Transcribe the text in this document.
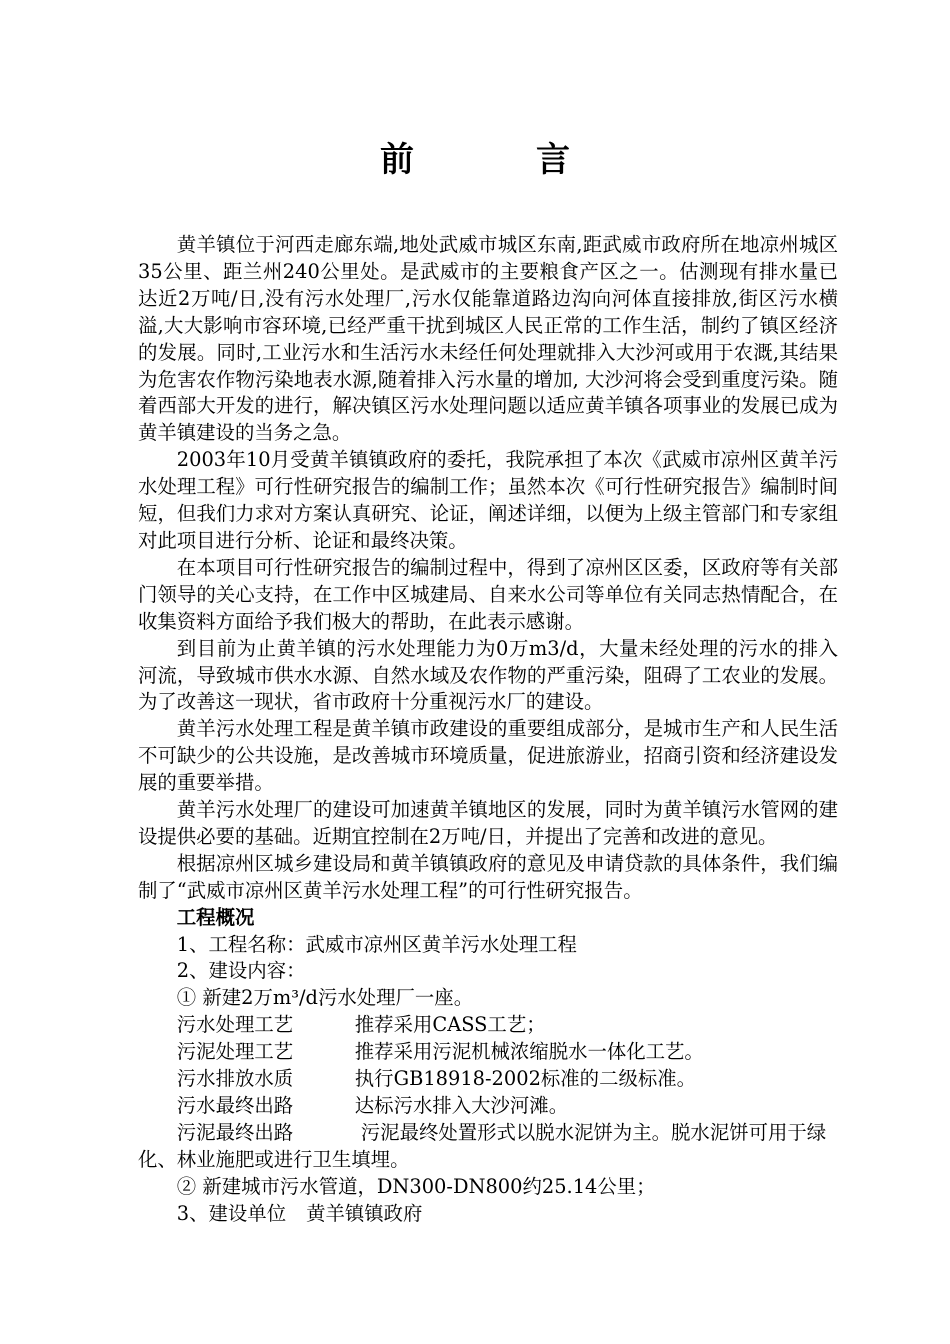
前　言

黄羊镇位于河西走廊东端,地处武威市城区东南,距武威市政府所在地凉州城区35公里、距兰州240公里处。是武威市的主要粮食产区之一。估测现有排水量已达近2万吨/日,没有污水处理厂,污水仅能靠道路边沟向河体直接排放,街区污水横溢,大大影响市容环境,已经严重干扰到城区人民正常的工作生活，制约了镇区经济的发展。同时,工业污水和生活污水未经任何处理就排入大沙河或用于农溉,其结果为危害农作物污染地表水源,随着排入污水量的增加, 大沙河将会受到重度污染。随着西部大开发的进行，解决镇区污水处理问题以适应黄羊镇各项事业的发展已成为黄羊镇建设的当务之急。

2003年10月受黄羊镇镇政府的委托，我院承担了本次《武威市凉州区黄羊污水处理工程》可行性研究报告的编制工作；虽然本次《可行性研究报告》编制时间短，但我们力求对方案认真研究、论证，阐述详细，以便为上级主管部门和专家组对此项目进行分析、论证和最终决策。

在本项目可行性研究报告的编制过程中，得到了凉州区区委，区政府等有关部门领导的关心支持，在工作中区城建局、自来水公司等单位有关同志热情配合，在收集资料方面给予我们极大的帮助，在此表示感谢。

到目前为止黄羊镇的污水处理能力为0万m3/d，大量未经处理的污水的排入河流，导致城市供水水源、自然水域及农作物的严重污染，阻碍了工农业的发展。为了改善这一现状，省市政府十分重视污水厂的建设。

黄羊污水处理工程是黄羊镇市政建设的重要组成部分，是城市生产和人民生活不可缺少的公共设施，是改善城市环境质量，促进旅游业，招商引资和经济建设发展的重要举措。

黄羊污水处理厂的建设可加速黄羊镇地区的发展，同时为黄羊镇污水管网的建设提供必要的基础。近期宜控制在2万吨/日，并提出了完善和改进的意见。

根据凉州区城乡建设局和黄羊镇镇政府的意见及申请贷款的具体条件，我们编制了“武威市凉州区黄羊污水处理工程”的可行性研究报告。

工程概况

1、工程名称：武威市凉州区黄羊污水处理工程

2、建设内容：

① 新建2万m³/d污水处理厂一座。

污水处理工艺	推荐采用CASS工艺；

污泥处理工艺	推荐采用污泥机械浓缩脱水一体化工艺。

污水排放水质	执行GB18918-2002标准的二级标准。

污水最终出路	达标污水排入大沙河滩。

污泥最终出路	污泥最终处置形式以脱水泥饼为主。脱水泥饼可用于绿化、林业施肥或进行卫生填埋。

② 新建城市污水管道，DN300-DN800约25.14公里；

3、建设单位 黄羊镇镇政府
